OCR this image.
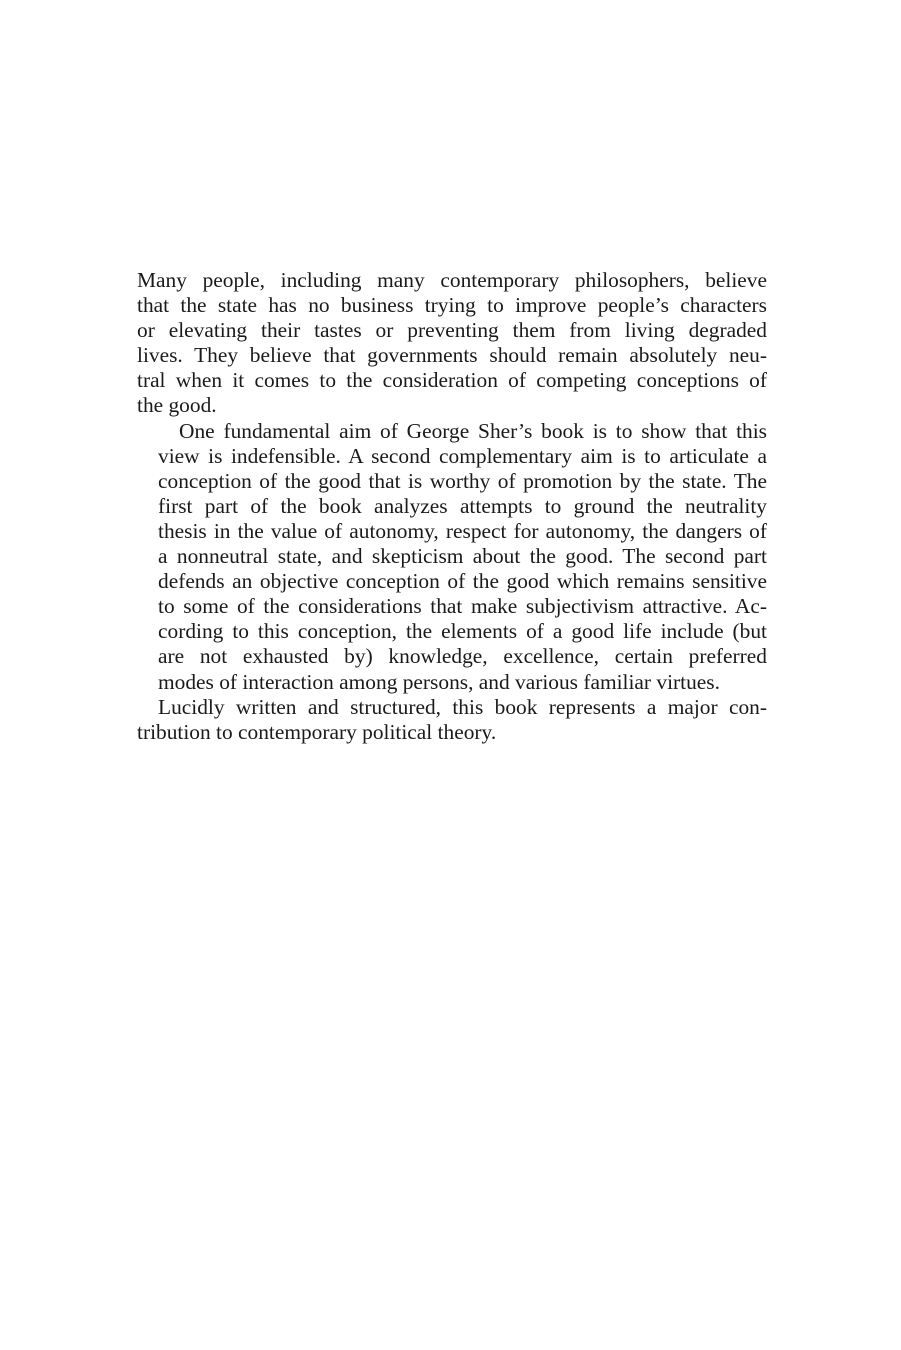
Many people, including many contemporary philosophers, believe
that the state has no business trying to improve people’s characters
or elevating their tastes or preventing them from living degraded
lives. They believe that governments should remain absolutely neu-
tral when it comes to the consideration of competing conceptions of
the good.

One fundamental aim of George Sher’s book is to show that this
view is indefensible. A second complementary aim is to articulate a
conception of the good that is worthy of promotion by the state. The
first part of the book analyzes attempts to ground the neutrality
thesis in the value of autonomy, respect for autonomy, the dangers of
a nonneutral state, and skepticism about the good. The second part
defends an objective conception of the good which remains sensitive
to some of the considerations that make subjectivism attractive. Ac-
cording to this conception, the elements of a good life include (but
are not exhausted by) knowledge, excellence, certain preferred
modes of interaction among persons, and various familiar virtues.

Lucidly written and structured, this book represents a major con-
tribution to contemporary political theory.
